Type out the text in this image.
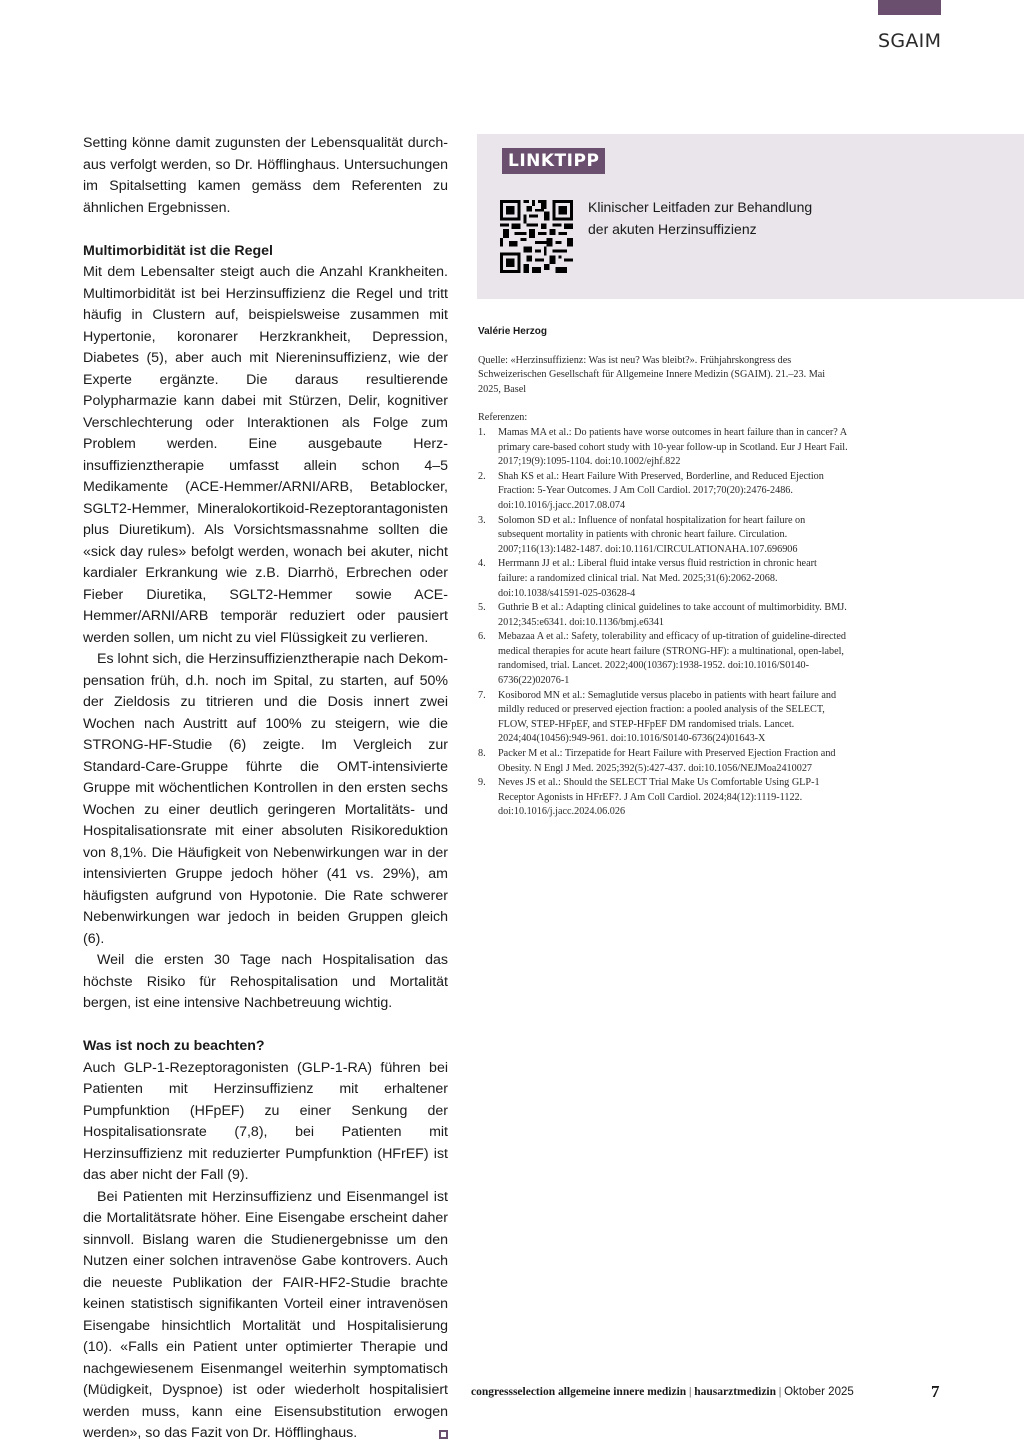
SGAIM

Setting könne damit zugunsten der Lebensqualität durchaus verfolgt werden, so Dr. Höfflinghaus. Untersuchungen im Spitalsetting kamen gemäss dem Referenten zu ähnlichen Ergebnissen.

Multimorbidität ist die Regel

Mit dem Lebensalter steigt auch die Anzahl Krankheiten. Multimorbidität ist bei Herzinsuffizienz die Regel und tritt häufig in Clustern auf, beispielsweise zusammen mit Hypertonie, koronarer Herzkrankheit, Depression, Diabetes (5), aber auch mit Niereninsuffizienz, wie der Experte ergänzte. Die daraus resultierende Polypharmazie kann dabei mit Stürzen, Delir, kognitiver Verschlechterung oder Interaktionen als Folge zum Problem werden. Eine ausgebaute Herzinsuffizienztherapie umfasst allein schon 4–5 Medikamente (ACE-Hemmer/ARNI/ARB, Betablocker, SGLT2-Hemmer, Mineralokortikoid-Rezeptorantagonisten plus Diuretikum). Als Vorsichtsmassnahme sollten die «sick day rules» befolgt werden, wonach bei akuter, nicht kardialer Erkrankung wie z.B. Diarrhö, Erbrechen oder Fieber Diuretika, SGLT2-Hemmer sowie ACE-Hemmer/ARNI/ARB temporär reduziert oder pausiert werden sollen, um nicht zu viel Flüssigkeit zu verlieren.

Es lohnt sich, die Herzinsuffizienztherapie nach Dekompensation früh, d.h. noch im Spital, zu starten, auf 50% der Zieldosis zu titrieren und die Dosis innert zwei Wochen nach Austritt auf 100% zu steigern, wie die STRONG-HF-Studie (6) zeigte. Im Vergleich zur Standard-Care-Gruppe führte die OMT-intensivierte Gruppe mit wöchentlichen Kontrollen in den ersten sechs Wochen zu einer deutlich geringeren Mortalitäts- und Hospitalisationsrate mit einer absoluten Risikoreduktion von 8,1%. Die Häufigkeit von Nebenwirkungen war in der intensivierten Gruppe jedoch höher (41 vs. 29%), am häufigsten aufgrund von Hypotonie. Die Rate schwerer Nebenwirkungen war jedoch in beiden Gruppen gleich (6).

Weil die ersten 30 Tage nach Hospitalisation das höchste Risiko für Rehospitalisation und Mortalität bergen, ist eine intensive Nachbetreuung wichtig.

Was ist noch zu beachten?

Auch GLP-1-Rezeptoragonisten (GLP-1-RA) führen bei Patienten mit Herzinsuffizienz mit erhaltener Pumpfunktion (HFpEF) zu einer Senkung der Hospitalisationsrate (7,8), bei Patienten mit Herzinsuffizienz mit reduzierter Pumpfunktion (HFrEF) ist das aber nicht der Fall (9).

Bei Patienten mit Herzinsuffizienz und Eisenmangel ist die Mortalitätsrate höher. Eine Eisengabe erscheint daher sinnvoll. Bislang waren die Studienergebnisse um den Nutzen einer solchen intravenöse Gabe kontrovers. Auch die neueste Publikation der FAIR-HF2-Studie brachte keinen statistisch signifikanten Vorteil einer intravenösen Eisengabe hinsichtlich Mortalität und Hospitalisierung (10). «Falls ein Patient unter optimierter Therapie und nachgewiesenem Eisenmangel weiterhin symptomatisch (Müdigkeit, Dyspnoe) ist oder wiederholt hospitalisiert werden muss, kann eine Eisensubstitution erwogen werden», so das Fazit von Dr. Höfflinghaus.

LINKTIPP
Klinischer Leitfaden zur Behandlung
der akuten Herzinsuffizienz
Valérie Herzog
Quelle: «Herzinsuffizienz: Was ist neu? Was bleibt?». Frühjahrskongress des Schweizerischen Gesellschaft für Allgemeine Innere Medizin (SGAIM). 21.–23. Mai 2025, Basel
Referenzen:
1. Mamas MA et al.: Do patients have worse outcomes in heart failure than in cancer? A primary care-based cohort study with 10-year follow-up in Scotland. Eur J Heart Fail. 2017;19(9):1095-1104. doi:10.1002/ejhf.822
2. Shah KS et al.: Heart Failure With Preserved, Borderline, and Reduced Ejection Fraction: 5-Year Outcomes. J Am Coll Cardiol. 2017;70(20):2476-2486. doi:10.1016/j.jacc.2017.08.074
3. Solomon SD et al.: Influence of nonfatal hospitalization for heart failure on subsequent mortality in patients with chronic heart failure. Circulation. 2007;116(13):1482-1487. doi:10.1161/CIRCULATIONAHA.107.696906
4. Herrmann JJ et al.: Liberal fluid intake versus fluid restriction in chronic heart failure: a randomized clinical trial. Nat Med. 2025;31(6):2062-2068. doi:10.1038/s41591-025-03628-4
5. Guthrie B et al.: Adapting clinical guidelines to take account of multimorbidity. BMJ. 2012;345:e6341. doi:10.1136/bmj.e6341
6. Mebazaa A et al.: Safety, tolerability and efficacy of up-titration of guideline-directed medical therapies for acute heart failure (STRONG-HF): a multinational, open-label, randomised, trial. Lancet. 2022;400(10367):1938-1952. doi:10.1016/S0140-6736(22)02076-1
7. Kosiborod MN et al.: Semaglutide versus placebo in patients with heart failure and mildly reduced or preserved ejection fraction: a pooled analysis of the SELECT, FLOW, STEP-HFpEF, and STEP-HFpEF DM randomised trials. Lancet. 2024;404(10456):949-961. doi:10.1016/S0140-6736(24)01643-X
8. Packer M et al.: Tirzepatide for Heart Failure with Preserved Ejection Fraction and Obesity. N Engl J Med. 2025;392(5):427-437. doi:10.1056/NEJMoa2410027
9. Neves JS et al.: Should the SELECT Trial Make Us Comfortable Using GLP-1 Receptor Agonists in HFrEF?. J Am Coll Cardiol. 2024;84(12):1119-1122. doi:10.1016/j.jacc.2024.06.026
congressselection allgemeine innere medizin | hausarztmedizin | Oktober 2025	7
